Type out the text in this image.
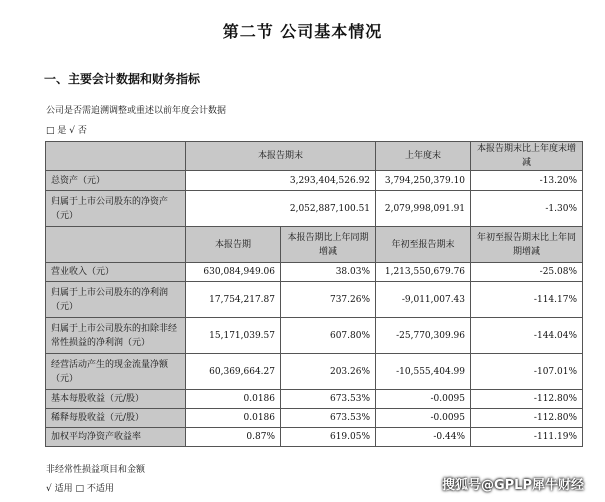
第二节 公司基本情况
一、主要会计数据和财务指标
公司是否需追溯调整或重述以前年度会计数据
□ 是 √ 否
	本报告期末		上年度末	本报告期末比上年度末增减
总资产（元）	3,293,404,526.92		3,794,250,379.10	-13.20%
归属于上市公司股东的净资产（元）	2,052,887,100.51		2,079,998,091.91	-1.30%
	本报告期	本报告期比上年同期增减	年初至报告期末	年初至报告期末比上年同期增减
营业收入（元）	630,084,949.06	38.03%	1,213,550,679.76	-25.08%
归属于上市公司股东的净利润（元）	17,754,217.87	737.26%	-9,011,007.43	-114.17%
归属于上市公司股东的扣除非经常性损益的净利润（元）	15,171,039.57	607.80%	-25,770,309.96	-144.04%
经营活动产生的现金流量净额（元）	60,369,664.27	203.26%	-10,555,404.99	-107.01%
基本每股收益（元/股）	0.0186	673.53%	-0.0095	-112.80%
稀释每股收益（元/股）	0.0186	673.53%	-0.0095	-112.80%
加权平均净资产收益率	0.87%	619.05%	-0.44%	-111.19%
非经常性损益项目和金额
√ 适用 □ 不适用	搜狐号@GPLP犀牛财经
